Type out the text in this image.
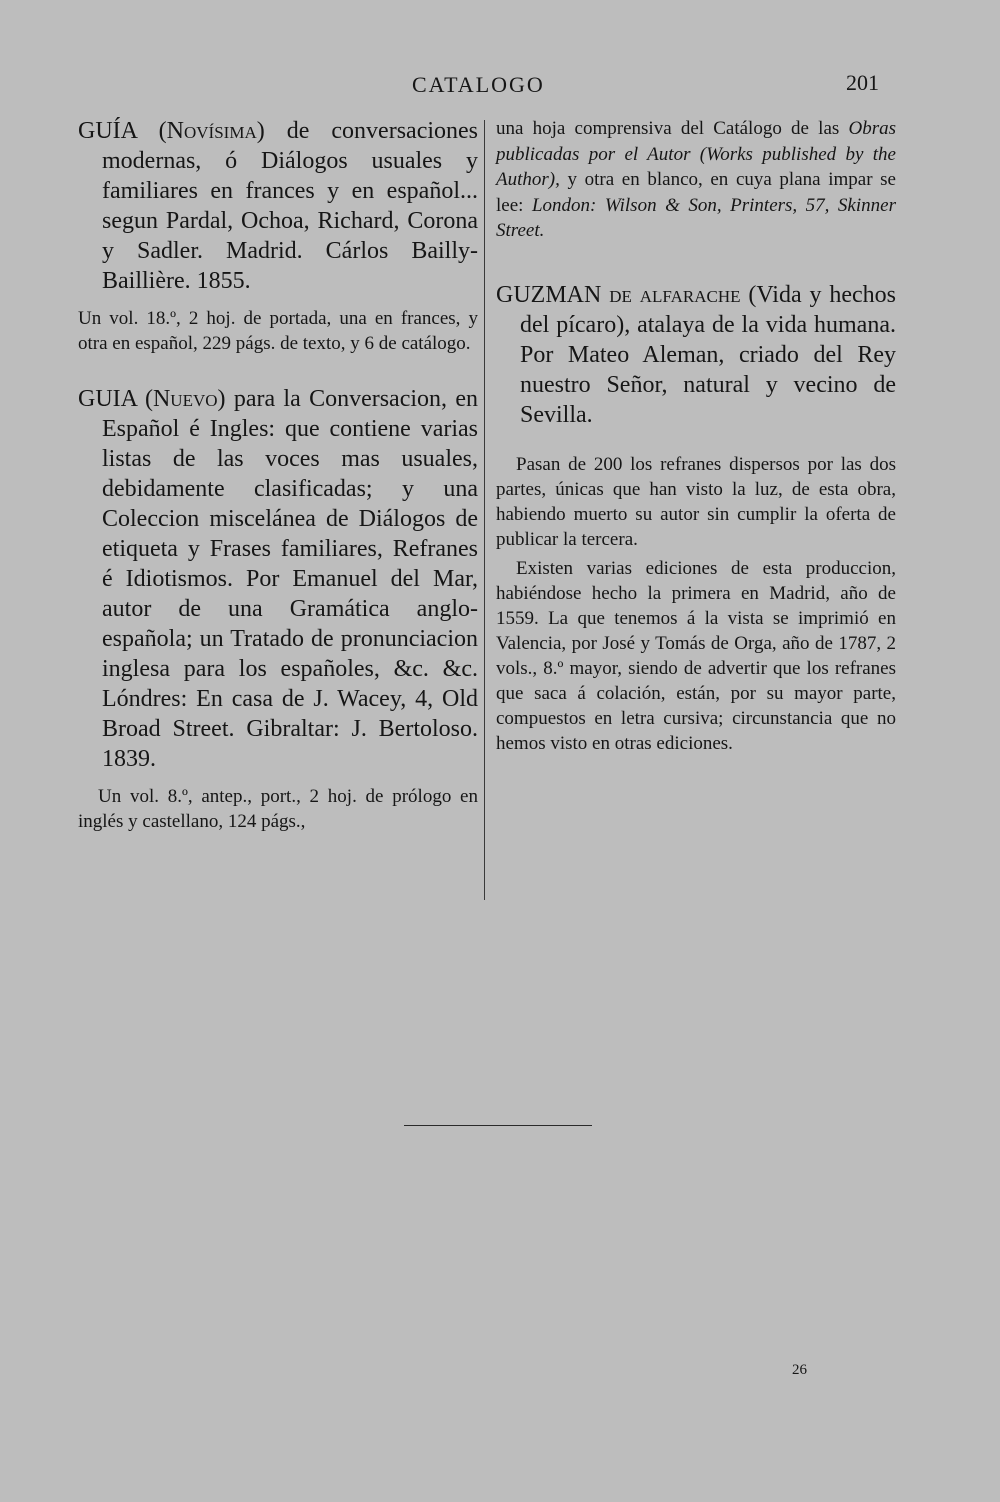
CATALOGO	201

GUÍA (Novísima) de conversaciones modernas, ó Diálogos usuales y familiares en frances y en español... segun Pardal, Ochoa, Richard, Corona y Sadler. Madrid. Cárlos Bailly-Baillière. 1855.

Un vol. 18.º, 2 hoj. de portada, una en frances, y otra en español, 229 págs. de texto, y 6 de catálogo.

GUIA (Nuevo) para la Conversacion, en Español é Ingles: que contiene varias listas de las voces mas usuales, debidamente clasificadas; y una Coleccion miscelánea de Diálogos de etiqueta y Frases familiares, Refranes é Idiotismos. Por Emanuel del Mar, autor de una Gramática anglo-española; un Tratado de pronunciacion inglesa para los españoles, &c. &c. Lóndres: En casa de J. Wacey, 4, Old Broad Street. Gibraltar: J. Bertoloso. 1839.

Un vol. 8.º, antep., port., 2 hoj. de prólogo en inglés y castellano, 124 págs.,

una hoja comprensiva del Catálogo de las Obras publicadas por el Autor (Works published by the Author), y otra en blanco, en cuya plana impar se lee: London: Wilson & Son, Printers, 57, Skinner Street.

GUZMAN de alfarache (Vida y hechos del pícaro), atalaya de la vida humana. Por Mateo Aleman, criado del Rey nuestro Señor, natural y vecino de Sevilla.

Pasan de 200 los refranes dispersos por las dos partes, únicas que han visto la luz, de esta obra, habiendo muerto su autor sin cumplir la oferta de publicar la tercera.

Existen varias ediciones de esta produccion, habiéndose hecho la primera en Madrid, año de 1559. La que tenemos á la vista se imprimió en Valencia, por José y Tomás de Orga, año de 1787, 2 vols., 8.º mayor, siendo de advertir que los refranes que saca á colación, están, por su mayor parte, compuestos en letra cursiva; circunstancia que no hemos visto en otras ediciones.

26
